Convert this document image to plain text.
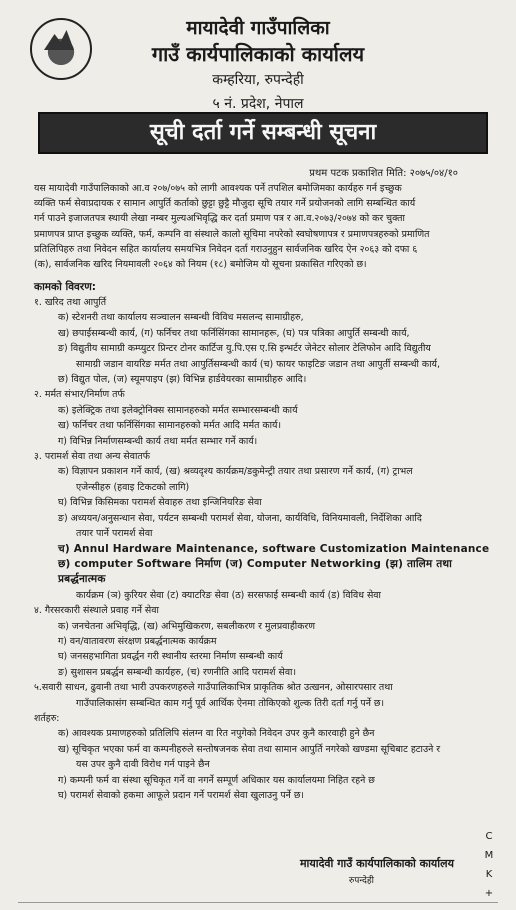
मायादेवी गाउँपालिका
गाउँ कार्यपालिकाको कार्यालय
कम्हरिया, रुपन्देही
५ नं. प्रदेश, नेपाल
सूची दर्ता गर्ने सम्बन्धी सूचना
प्रथम पटक प्रकाशित मिति: २०७५/०४/१०
यस मायादेवी गाउँपालिकाको आ.व २०७/०७५ को लागी आवश्यक पर्ने तपशिल बमोजिमका कार्यहरु गर्न इच्छुक
व्यक्ति फर्म सेवाप्रदायक र सामान आपुर्ति कर्ताको छुट्टा छुट्टै मौजुदा सूचि तयार गर्ने प्रयोजनको लागि सम्बन्धित कार्य
गर्न पाउने इजाजतपत्र स्थायी लेखा नम्बर मुल्यअभिवृद्धि कर दर्ता प्रमाण पत्र र आ.व.२०७३/२०७४ को कर चुक्ता
प्रमाणपत्र प्राप्त इच्छुक व्यक्ति, फर्म, कम्पनि वा संस्थाले कालो सूचिमा नपरेको स्वघोषणापत्र र प्रमाणपत्रहरुको प्रमाणित
प्रतिलिपिहरु तथा निवेदन सहित कार्यालय समयभित्र निवेदन दर्ता गराउनुहुन सार्वजनिक खरिद ऐन २०६३ को दफा ६
(क), सार्वजनिक खरिद नियमावली २०६४ को नियम (१८) बमोजिम यो सूचना प्रकासित गरिएको छ।
कामको विवरण:
१. खरिद तथा आपुर्ति
क) स्टेशनरी तथा कार्यालय सञ्चालन सम्बन्धी विविध मसलन्द सामाग्रीहरु,
ख) छपाईसम्बन्धी कार्य, (ग) फर्निचर तथा फर्निसिंगका सामानहरू, (घ) पत्र पत्रिका आपुर्ति सम्बन्धी कार्य,
ङ) विद्युतीय सामाग्री कम्प्युटर प्रिन्टर टोनर कार्टिज यु.पि.एस ए.सि इन्भर्टर जेनेटर सोलार टेलिफोन आदि विद्युतीय
सामाग्री जडान वायरिङ मर्मत तथा आपुर्तिसम्बन्धी कार्य (च) फायर फाइटिङ जडान तथा आपुर्ती सम्बन्धी कार्य,
छ) विद्युत पोल, (ज) स्यूमपाइप (झ) विभिन्न हार्डवेयरका सामाग्रीहरु आदि।
२. मर्मत संभार/निर्माण तर्फ
क) इलेक्ट्रिक तथा इलेक्ट्रोनिक्स सामानहरुको मर्मत सम्भारसम्बन्धी कार्य
ख) फर्निचर तथा फर्निसिंगका सामानहरुको मर्मत आदि मर्मत कार्य।
ग) विभिन्न निर्माणसम्बन्धी कार्य तथा मर्मत सम्भार गर्ने कार्य।
३. परामर्श सेवा तथा अन्य सेवातर्फ
क) विज्ञापन प्रकाशन गर्ने कार्य, (ख) श्रव्यदृश्य कार्यक्रम/डकुमेन्ट्री तयार तथा प्रसारण गर्ने कार्य, (ग) ट्राभल
एजेन्सीहरु (हवाइ टिकटको लागि)
घ) विभिन्न किसिमका परामर्श सेवाहरु तथा इन्जिनियरिङ सेवा
ङ) अध्ययन/अनुसन्धान सेवा, पर्यटन सम्बन्धी परामर्श सेवा, योजना, कार्यविधि, विनियमावली, निर्देशिका आदि
तयार पार्ने परामर्श सेवा
च) Annul Hardware Maintenance, software Customization Maintenance
छ) computer Software निर्माण (ज) Computer Networking (झ) तालिम तथा प्रबर्द्धनात्मक
कार्यक्रम (ञ) कुरियर सेवा (ट) क्याटरिङ सेवा (ठ) सरसफाई सम्बन्धी कार्य (ड) विविध सेवा
४. गैरसरकारी संस्थाले प्रवाह गर्ने सेवा
क) जनचेतना अभिवृद्धि, (ख) अभिमुखिकरण, सबलीकरण र मुलप्रवाहीकरण
ग) वन/वातावरण संरक्षण प्रबर्द्धनात्मक कार्यक्रम
घ) जनसहभागिता प्रवर्द्धन गरी स्थानीय स्तरमा निर्माण सम्बन्धी कार्य
ङ) सुशासन प्रबर्द्धन सम्बन्धी कार्यहरु, (च) रणनीति आदि परामर्श सेवा।
५.सवारी साधन, ढुवानी तथा भारी उपकरणहरुले गाउँपालिकाभित्र प्राकृतिक श्रोत उत्खनन, ओसारपसार तथा
गाउँपालिकासंग सम्बन्धित काम गर्नु पूर्व आर्थिक ऐनमा तोकिएको शुल्क तिरी दर्ता गर्नु पर्ने छ।
शर्तहरु:
क) आवश्यक प्रमाणहरुको प्रतिलिपि संलग्न वा रित नपुगेको निवेदन उपर कुनै कारवाही हुने छैन
ख) सूचिकृत भएका फर्म वा कम्पनीहरुले सन्तोषजनक सेवा तथा सामान आपुर्ति नगरेको खण्डमा सूचिबाट हटाउने र
यस उपर कुनै दावी विरोध गर्न पाइने छैन
ग) कम्पनी फर्म वा संस्था सूचिकृत गर्ने वा नगर्ने सम्पूर्ण अधिकार यस कार्यालयमा निहित रहने छ
घ) परामर्श सेवाको हकमा आफूले प्रदान गर्ने परामर्श सेवा खुलाउनु पर्ने छ।
मायादेवी गाउँ कार्यपालिकाको कार्यालय
रुपन्देही
C
M
K
+
